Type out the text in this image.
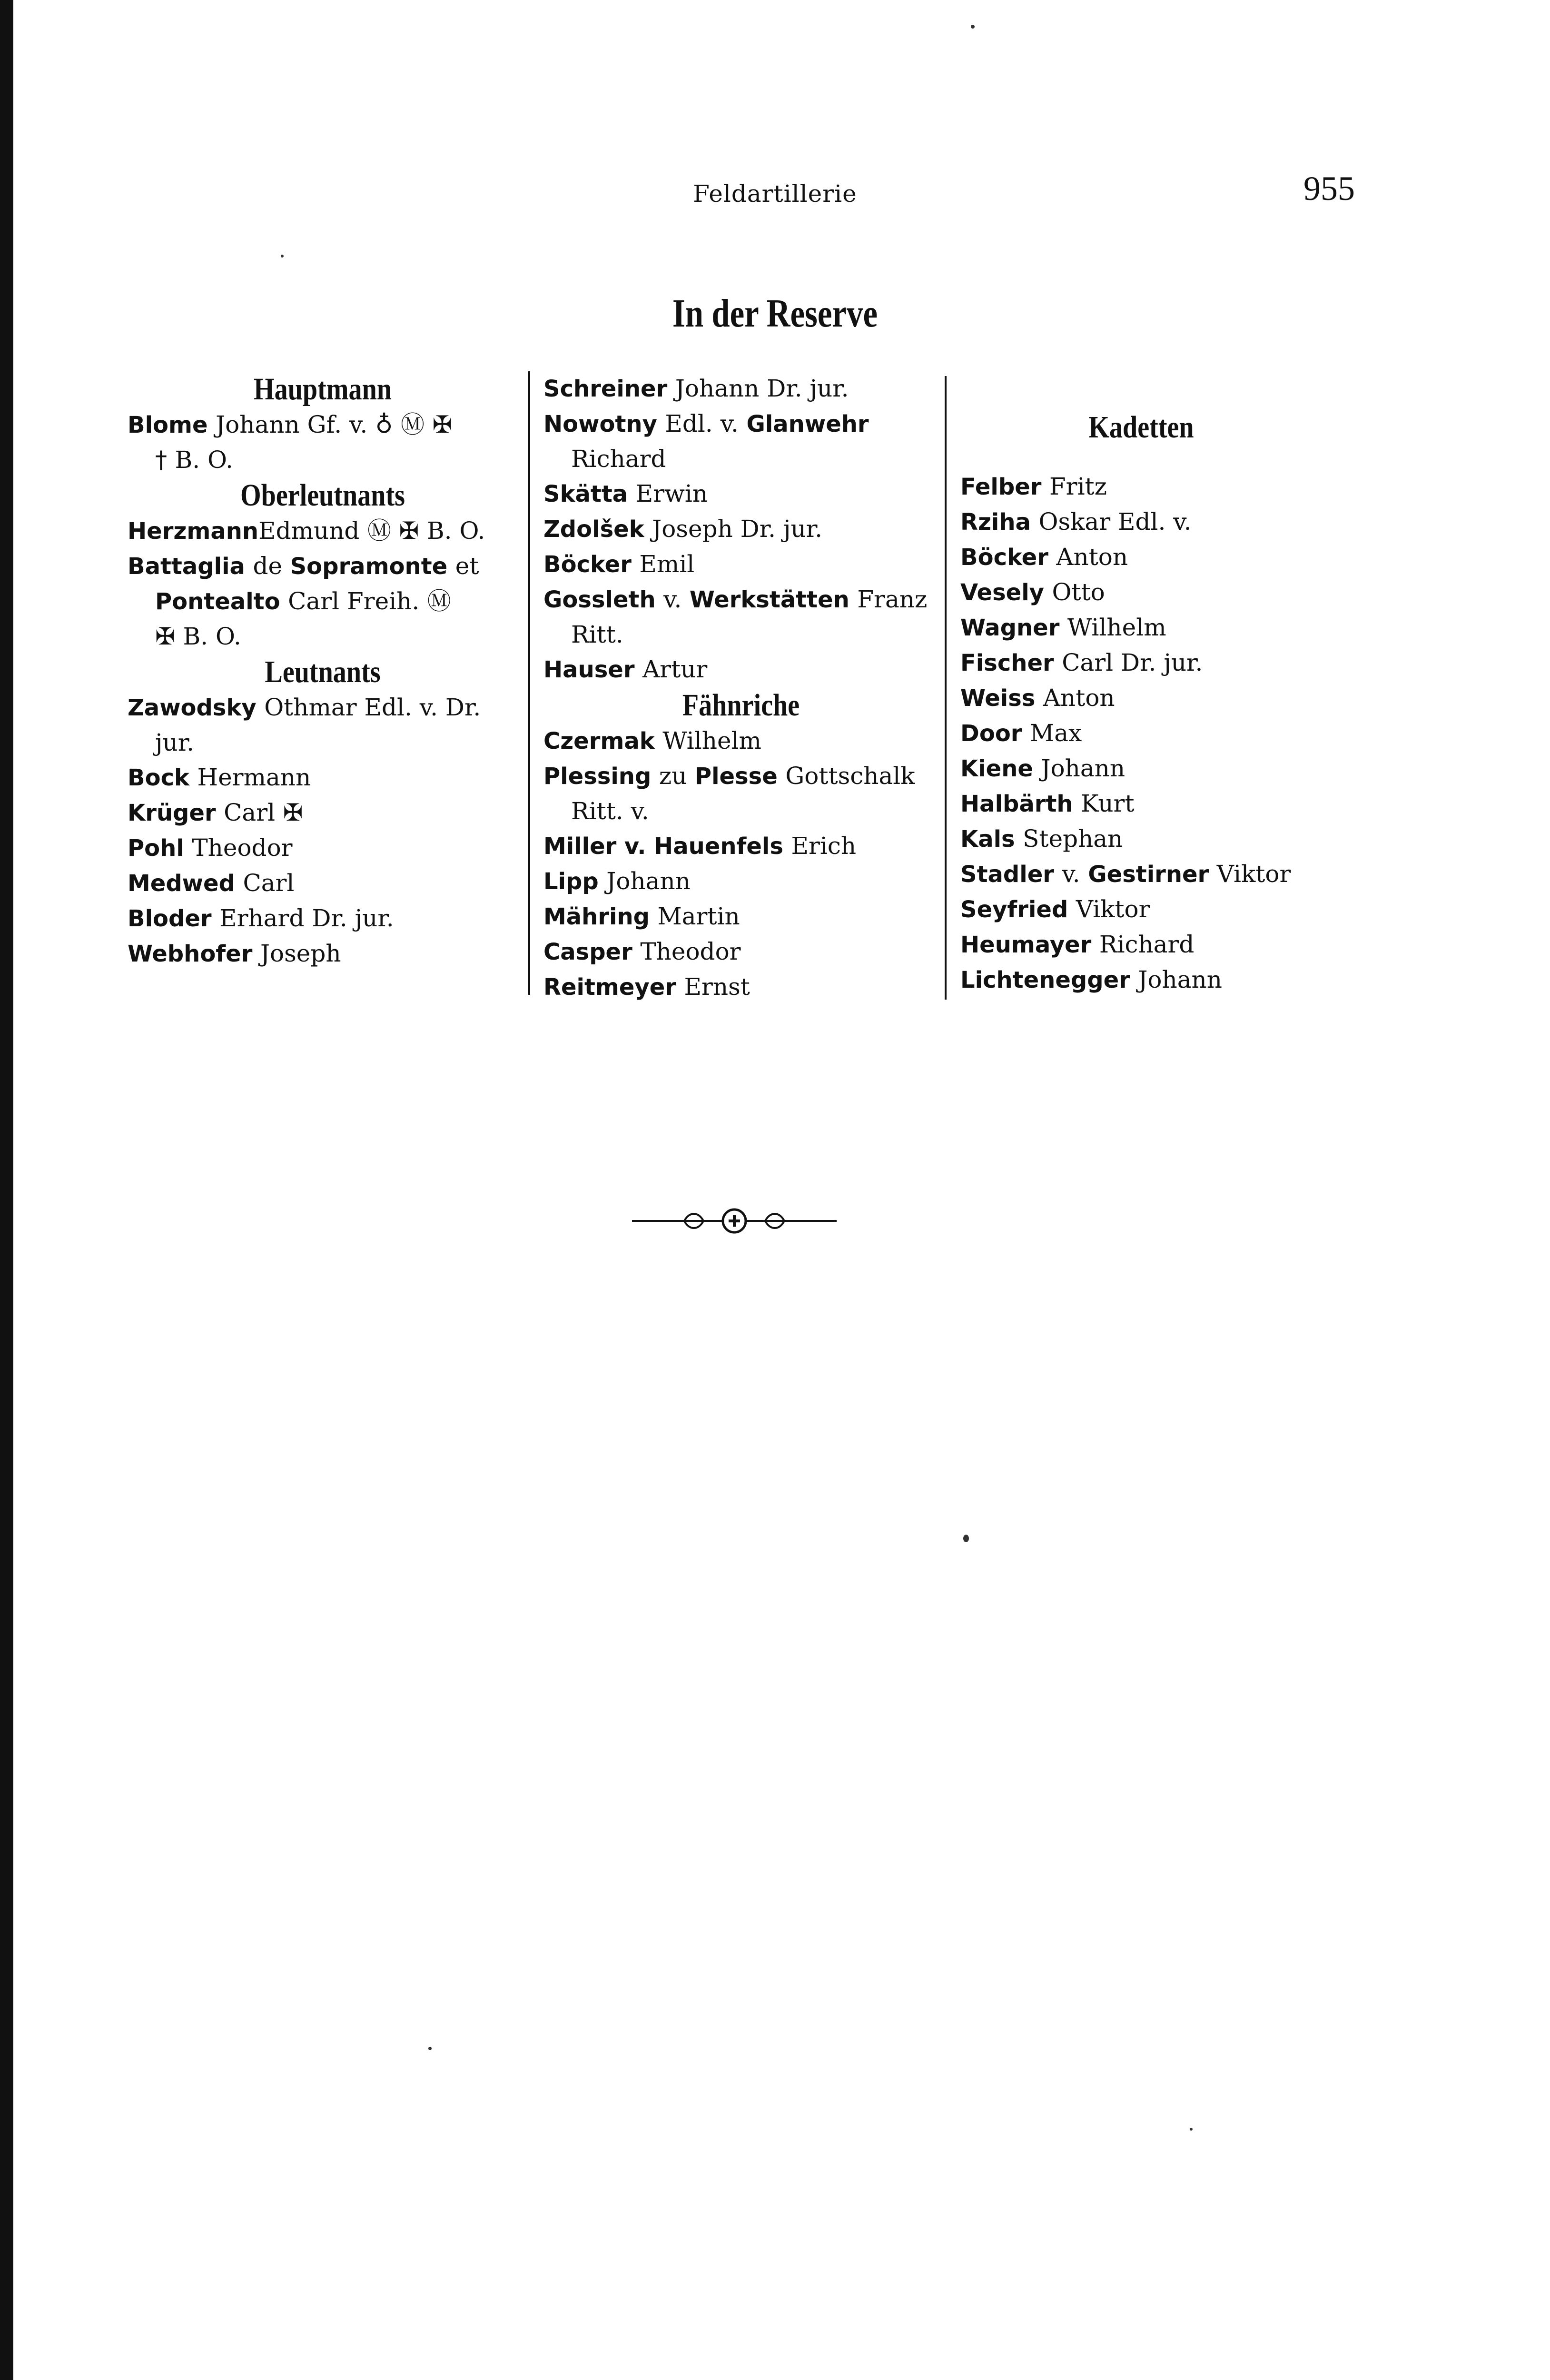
Feldartillerie	955
In der Reserve
Hauptmann
Blome Johann Gf. v. ♁ Ⓜ ✠
† B. O.
Oberleutnants
HerzmannEdmund Ⓜ ✠ B. O.
Battaglia de Sopramonte et
Pontealto Carl Freih. Ⓜ
✠ B. O.
Leutnants
Zawodsky Othmar Edl. v. Dr.
jur.
Bock Hermann
Krüger Carl ✠
Pohl Theodor
Medwed Carl
Bloder Erhard Dr. jur.
Webhofer Joseph
Schreiner Johann Dr. jur.
Nowotny Edl. v. Glanwehr
Richard
Skätta Erwin
Zdolšek Joseph Dr. jur.
Böcker Emil
Gossleth v. Werkstätten Franz
Ritt.
Hauser Artur
Fähnriche
Czermak Wilhelm
Plessing zu Plesse Gottschalk
Ritt. v.
Miller v. Hauenfels Erich
Lipp Johann
Mähring Martin
Casper Theodor
Reitmeyer Ernst
Kadetten
Felber Fritz
Rziha Oskar Edl. v.
Böcker Anton
Vesely Otto
Wagner Wilhelm
Fischer Carl Dr. jur.
Weiss Anton
Door Max
Kiene Johann
Halbärth Kurt
Kals Stephan
Stadler v. Gestirner Viktor
Seyfried Viktor
Heumayer Richard
Lichtenegger Johann
